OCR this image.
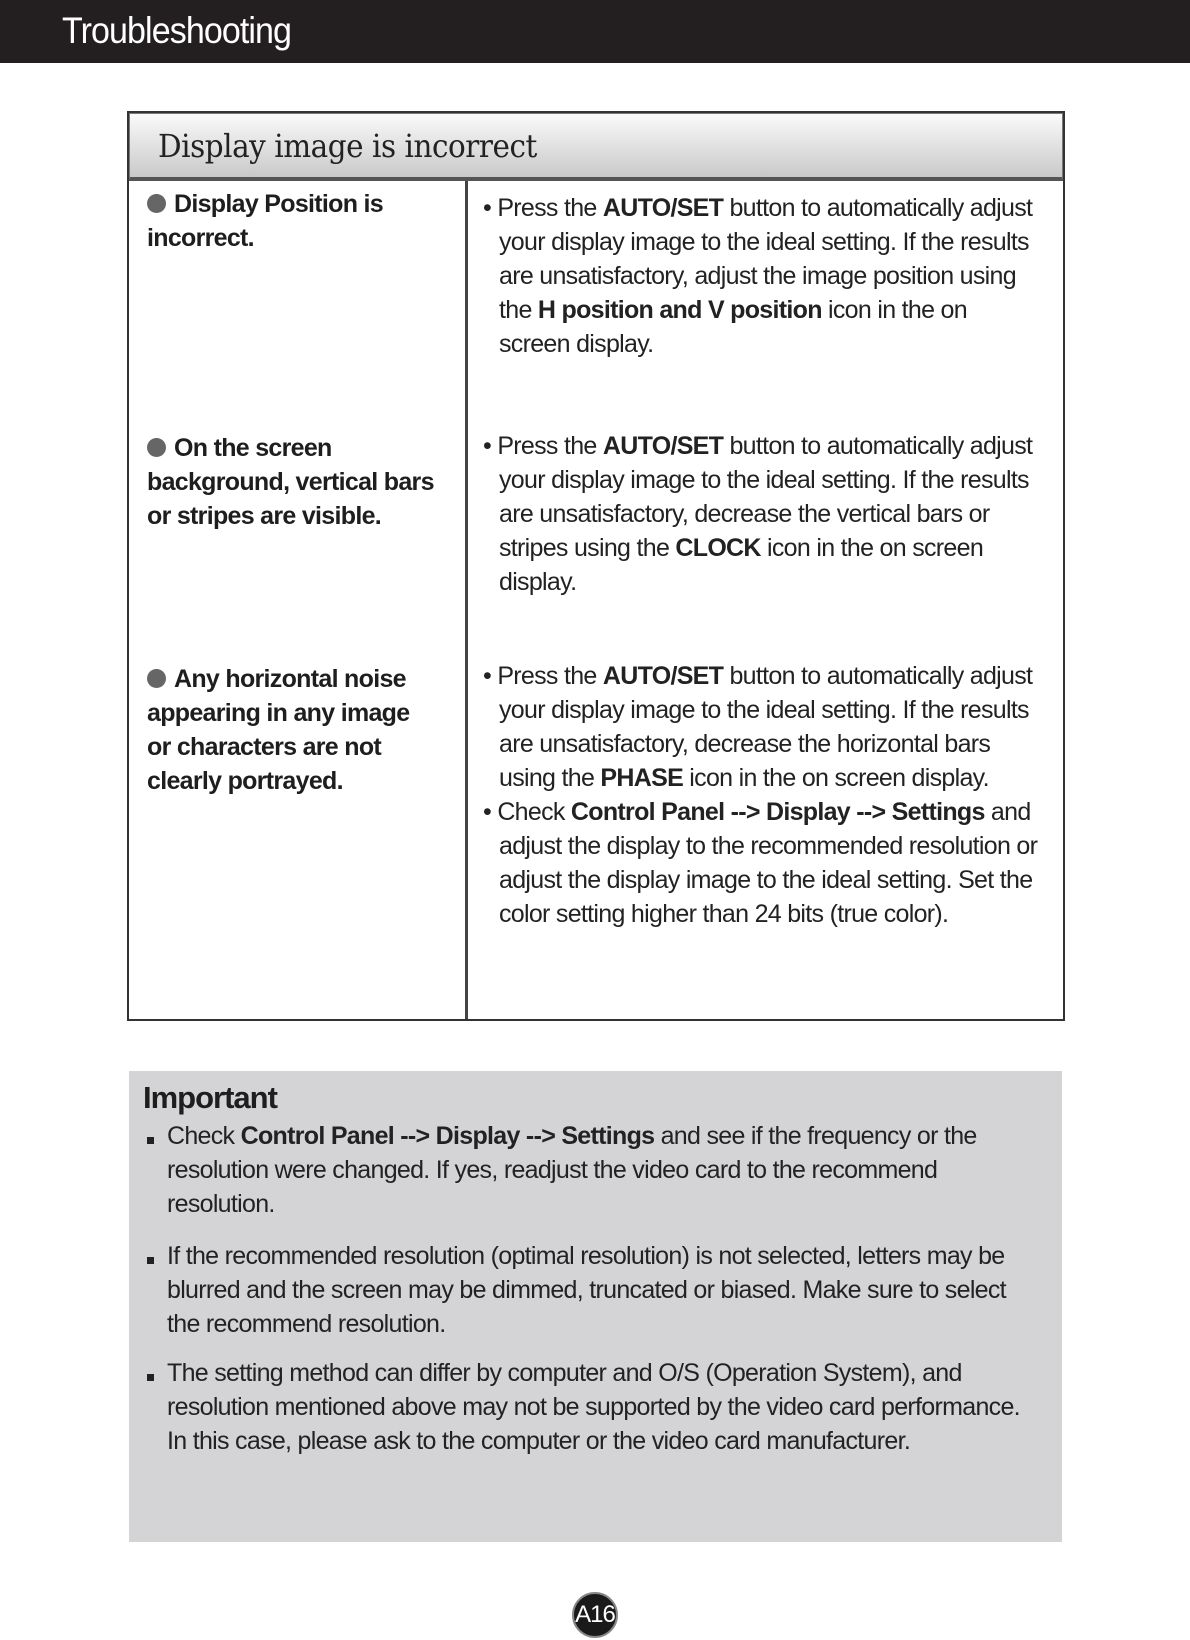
Troubleshooting
Display image is incorrect
Display Position is incorrect.
• Press the AUTO/SET button to automatically adjust your display image to the ideal setting. If the results are unsatisfactory, adjust the image position using the H position and V position icon in the on screen display.
On the screen background, vertical bars or stripes are visible.
• Press the AUTO/SET button to automatically adjust your display image to the ideal setting. If the results are unsatisfactory, decrease the vertical bars or stripes using the CLOCK icon in the on screen display.
Any horizontal noise appearing in any image or characters are not clearly portrayed.
• Press the AUTO/SET button to automatically adjust your display image to the ideal setting. If the results are unsatisfactory, decrease the horizontal bars using the PHASE icon in the on screen display.
• Check Control Panel --> Display --> Settings and adjust the display to the recommended resolution or adjust the display image to the ideal setting. Set the color setting higher than 24 bits (true color).
Important
Check Control Panel --> Display --> Settings and see if the frequency or the resolution were changed. If yes, readjust the video card to the recommend resolution.
If the recommended resolution (optimal resolution) is not selected, letters may be blurred and the screen may be dimmed, truncated or biased. Make sure to select the recommend resolution.
The setting method can differ by computer and O/S (Operation System), and resolution mentioned above may not be supported by the video card performance. In this case, please ask to the computer or the video card manufacturer.
A16
